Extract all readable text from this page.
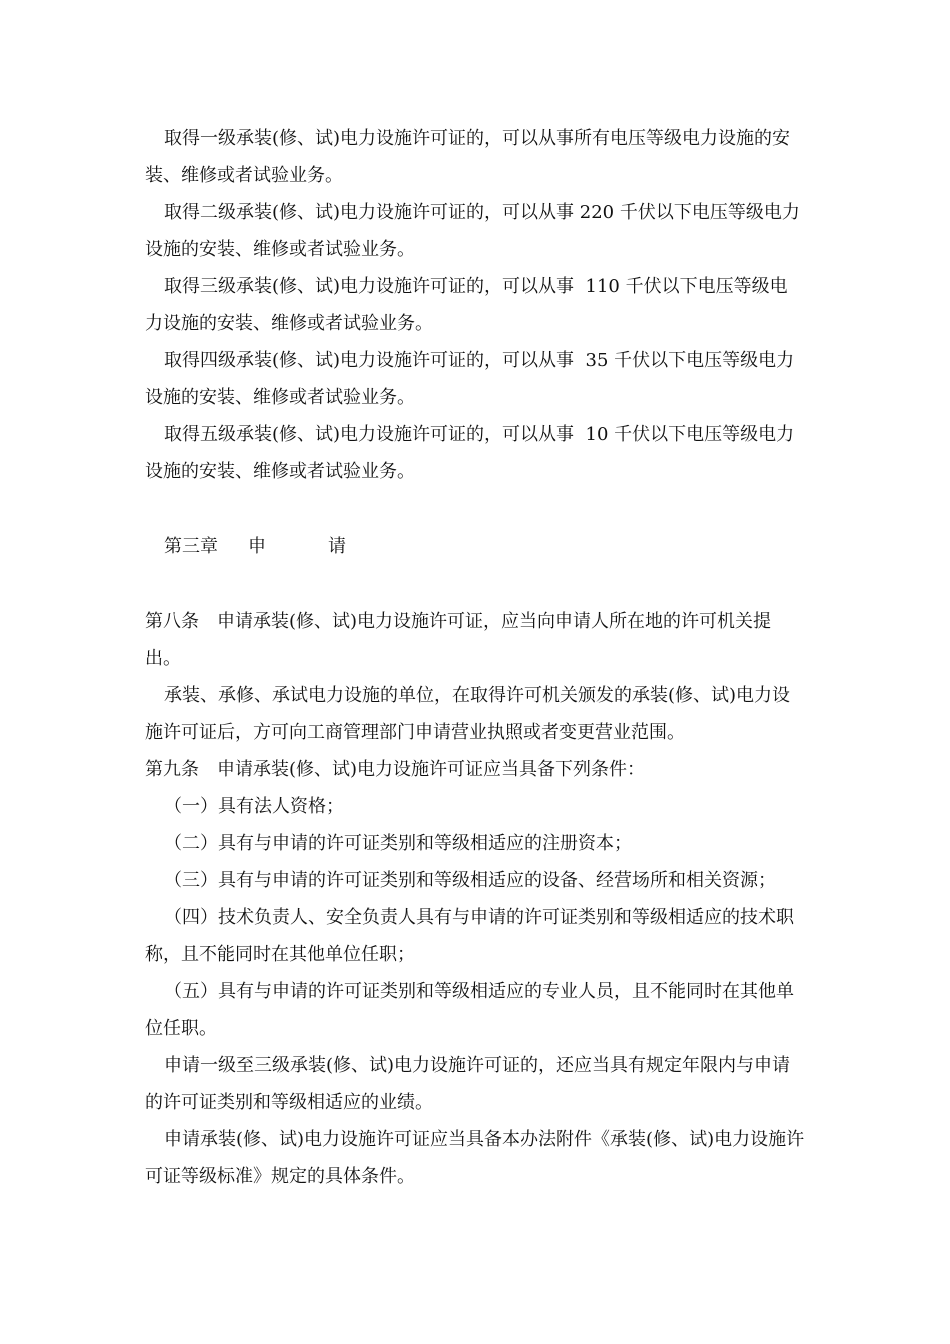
取得一级承装(修、试)电力设施许可证的，可以从事所有电压等级电力设施的安装、维修或者试验业务。

取得二级承装(修、试)电力设施许可证的，可以从事 220 千伏以下电压等级电力设施的安装、维修或者试验业务。

取得三级承装(修、试)电力设施许可证的，可以从事  110 千伏以下电压等级电力设施的安装、维修或者试验业务。

取得四级承装(修、试)电力设施许可证的，可以从事  35 千伏以下电压等级电力设施的安装、维修或者试验业务。

取得五级承装(修、试)电力设施许可证的，可以从事  10 千伏以下电压等级电力设施的安装、维修或者试验业务。

第三章 申	请

第八条　申请承装(修、试)电力设施许可证，应当向申请人所在地的许可机关提出。

承装、承修、承试电力设施的单位，在取得许可机关颁发的承装(修、试)电力设施许可证后，方可向工商管理部门申请营业执照或者变更营业范围。

第九条　申请承装(修、试)电力设施许可证应当具备下列条件：

（一）具有法人资格；

（二）具有与申请的许可证类别和等级相适应的注册资本；

（三）具有与申请的许可证类别和等级相适应的设备、经营场所和相关资源；

（四）技术负责人、安全负责人具有与申请的许可证类别和等级相适应的技术职称，且不能同时在其他单位任职；

（五）具有与申请的许可证类别和等级相适应的专业人员，且不能同时在其他单位任职。

申请一级至三级承装(修、试)电力设施许可证的，还应当具有规定年限内与申请的许可证类别和等级相适应的业绩。

申请承装(修、试)电力设施许可证应当具备本办法附件《承装(修、试)电力设施许可证等级标准》规定的具体条件。
